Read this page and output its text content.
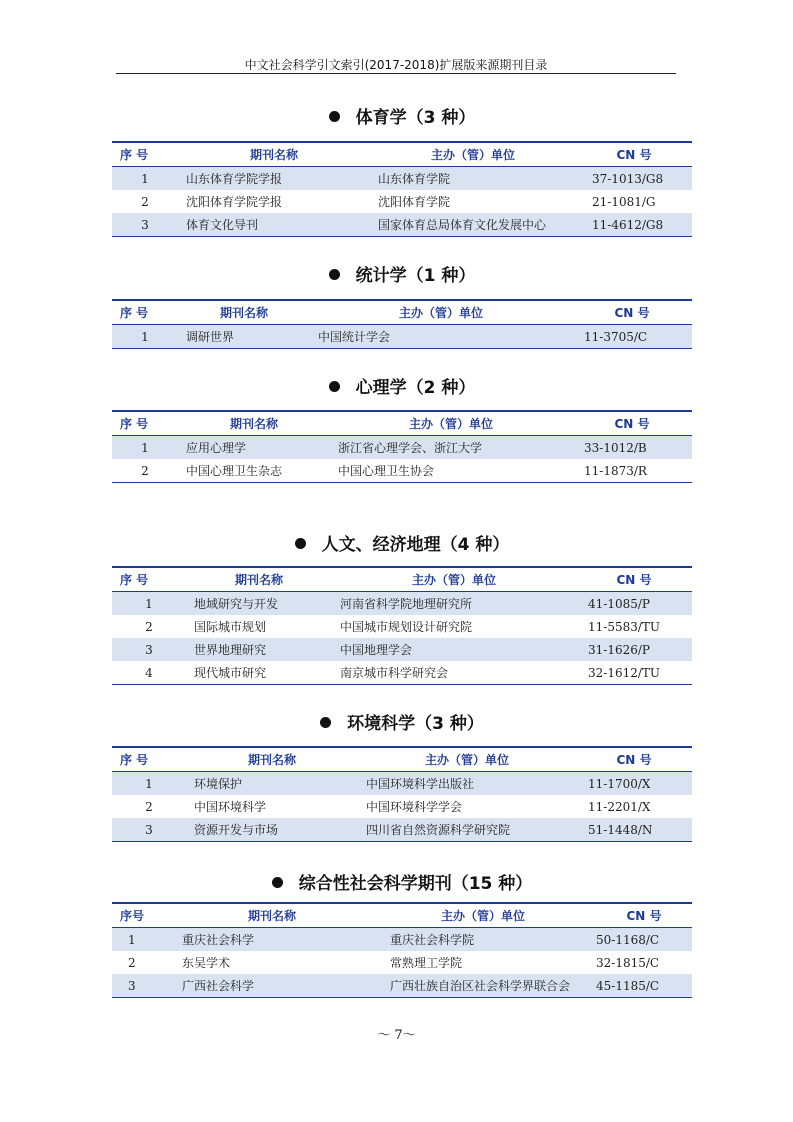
中文社会科学引文索引(2017-2018)扩展版来源期刊目录
体育学（3 种）
序 号	期刊名称	主办（管）单位	CN 号
1	山东体育学院学报	山东体育学院	37-1013/G8
2	沈阳体育学院学报	沈阳体育学院	21-1081/G
3	体育文化导刊	国家体育总局体育文化发展中心	11-4612/G8
统计学（1 种）
序 号	期刊名称	主办（管）单位	CN 号
1	调研世界	中国统计学会	11-3705/C
心理学（2 种）
序 号	期刊名称	主办（管）单位	CN 号
1	应用心理学	浙江省心理学会、浙江大学	33-1012/B
2	中国心理卫生杂志	中国心理卫生协会	11-1873/R
人文、经济地理（4 种）
序 号	期刊名称	主办（管）单位	CN 号
1	地域研究与开发	河南省科学院地理研究所	41-1085/P
2	国际城市规划	中国城市规划设计研究院	11-5583/TU
3	世界地理研究	中国地理学会	31-1626/P
4	现代城市研究	南京城市科学研究会	32-1612/TU
环境科学（3 种）
序 号	期刊名称	主办（管）单位	CN 号
1	环境保护	中国环境科学出版社	11-1700/X
2	中国环境科学	中国环境科学学会	11-2201/X
3	资源开发与市场	四川省自然资源科学研究院	51-1448/N
综合性社会科学期刊（15 种）
序号	期刊名称	主办（管）单位	CN 号
1	重庆社会科学	重庆社会科学院	50-1168/C
2	东吴学术	常熟理工学院	32-1815/C
3	广西社会科学	广西壮族自治区社会科学界联合会	45-1185/C
～ 7～
